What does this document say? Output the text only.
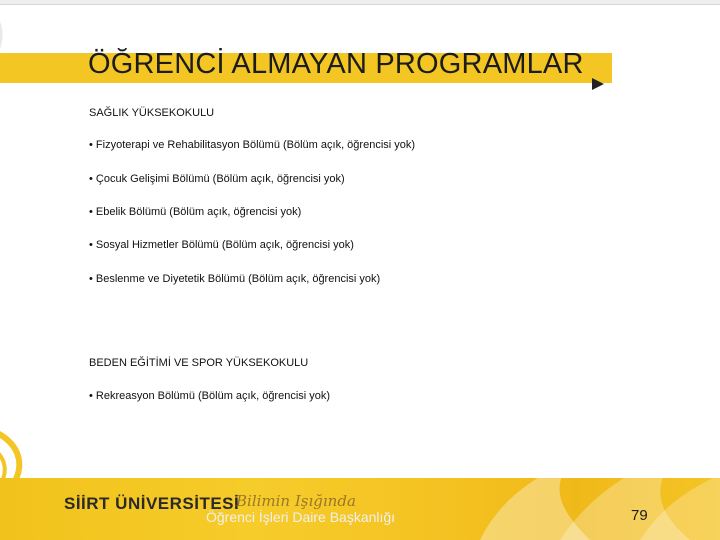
ÖĞRENCİ ALMAYAN PROGRAMLAR
SAĞLIK YÜKSEKOKULU
• Fizyoterapi ve Rehabilitasyon Bölümü (Bölüm açık, öğrencisi yok)
• Çocuk Gelişimi Bölümü (Bölüm açık, öğrencisi yok)
• Ebelik Bölümü (Bölüm açık, öğrencisi yok)
• Sosyal Hizmetler Bölümü (Bölüm açık, öğrencisi yok)
• Beslenme ve Diyetetik Bölümü (Bölüm açık, öğrencisi yok)
BEDEN EĞİTİMİ VE SPOR YÜKSEKOKULU
• Rekreasyon Bölümü (Bölüm açık, öğrencisi yok)
SİİRT ÜNİVERSİTESİ
Bilimin Işığında
Öğrenci İşleri Daire Başkanlığı	79
